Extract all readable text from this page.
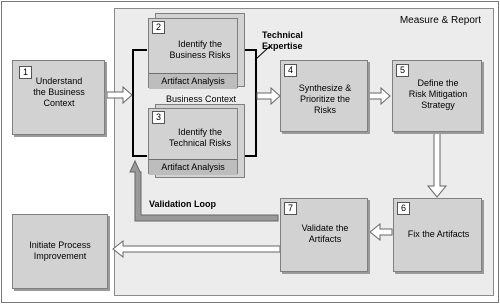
Measure & Report
1
Understand
the Business
Context
2
Identify the
Business Risks
Artifact Analysis
3
Identify the
Technical Risks
Artifact Analysis
Technical
Expertise
Business Context
4
Synthesize &
Prioritize the
Risks
5
Define the
Risk Mitigation
Strategy
6
Fix the Artifacts
7
Validate the
Artifacts
Validation Loop
Initiate Process
Improvement
